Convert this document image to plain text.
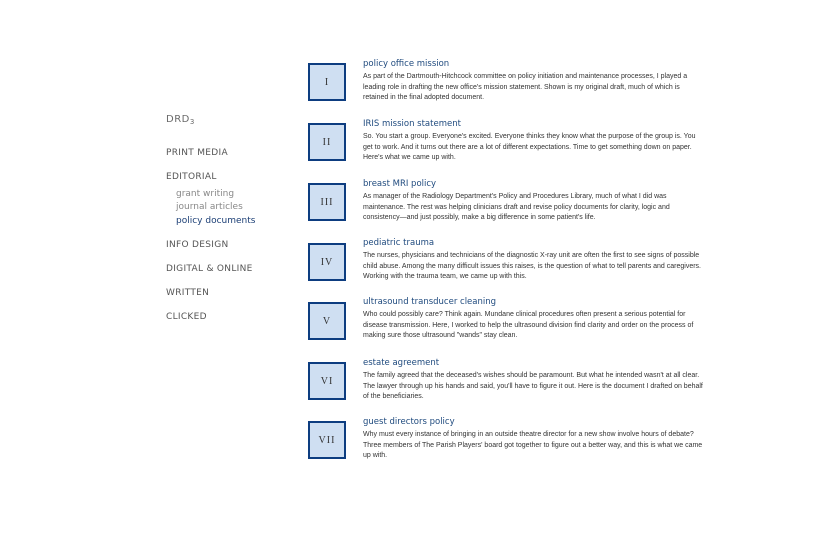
$DRD_3$
PRINT MEDIA
EDITORIAL
grant writing
journal articles
policy documents
INFO DESIGN
DIGITAL & ONLINE
WRITTEN
CLICKED
I
policy office mission
As part of the Dartmouth-Hitchcock committee on policy initiation and maintenance processes, I played a leading role in drafting the new office's mission statement. Shown is my original draft, much of which is retained in the final adopted document.
II
IRIS mission statement
So. You start a group. Everyone's excited. Everyone thinks they know what the purpose of the group is. You get to work. And it turns out there are a lot of different expectations. Time to get something down on paper. Here's what we came up with.
III
breast MRI policy
As manager of the Radiology Department's Policy and Procedures Library, much of what I did was maintenance. The rest was helping clinicians draft and revise policy documents for clarity, logic and consistency—and just possibly, make a big difference in some patient's life.
IV
pediatric trauma
The nurses, physicians and technicians of the diagnostic X-ray unit are often the first to see signs of possible child abuse. Among the many difficult issues this raises, is the question of what to tell parents and caregivers. Working with the trauma team, we came up with this.
V
ultrasound transducer cleaning
Who could possibly care? Think again. Mundane clinical procedures often present a serious potential for disease transmission. Here, I worked to help the ultrasound division find clarity and order on the process of making sure those ultrasound "wands" stay clean.
VI
estate agreement
The family agreed that the deceased's wishes should be paramount. But what he intended wasn't at all clear. The lawyer through up his hands and said, you'll have to figure it out. Here is the document I drafted on behalf of the beneficiaries.
VII
guest directors policy
Why must every instance of bringing in an outside theatre director for a new show involve hours of debate? Three members of The Parish Players' board got together to figure out a better way, and this is what we came up with.
